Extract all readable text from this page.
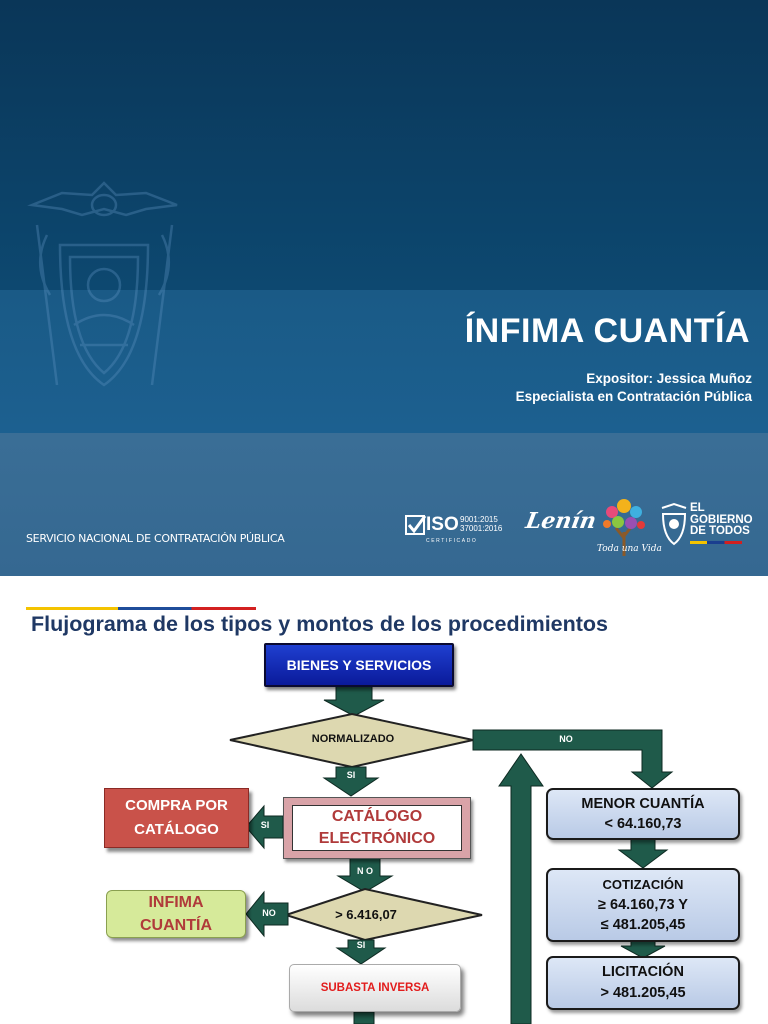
ÍNFIMA CUANTÍA
Expositor: Jessica Muñoz
Especialista en Contratación Pública
SERVICIO NACIONAL DE CONTRATACIÓN PÚBLICA
ISO 9001:2015
37001:2016
CERTIFICADO
Lenín
Toda una Vida
EL
GOBIERNO
DE TODOS
Flujograma de los tipos y montos de los procedimientos
BIENES Y SERVICIOS
NORMALIZADO	NO
SI
COMPRA POR
CATÁLOGO	SI	CATÁLOGO
ELECTRÓNICO
N O
INFIMA
CUANTÍA
NO	> 6.416,07
SI
SUBASTA INVERSA
MENOR CUANTÍA
< 64.160,73
COTIZACIÓN
≥ 64.160,73 Y
≤ 481.205,45
LICITACIÓN
> 481.205,45
